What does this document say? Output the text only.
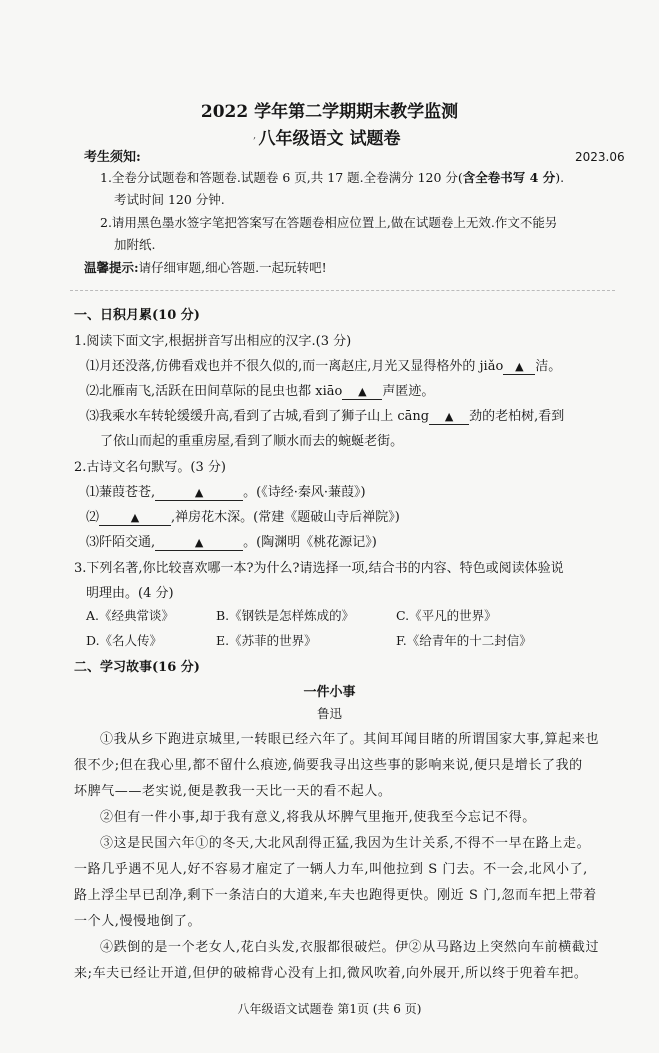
2022 学年第二学期期末教学监测
, 八年级语文 试题卷
2023.06
考生须知:
1.全卷分试题卷和答题卷.试题卷 6 页,共 17 题.全卷满分 120 分(含全卷书写 4 分).
考试时间 120 分钟.
2.请用黑色墨水签字笔把答案写在答题卷相应位置上,做在试题卷上无效.作文不能另
加附纸.
温馨提示:请仔细审题,细心答题.一起玩转吧!
一、日积月累(10 分)
1.阅读下面文字,根据拼音写出相应的汉字.(3 分)
⑴月还没落,仿佛看戏也并不很久似的,而一离赵庄,月光又显得格外的 jiǎo ▲ 洁。
⑵北雁南飞,活跃在田间草际的昆虫也都 xiāo ▲ 声匿迹。
⑶我乘水车转轮缓缓升高,看到了古城,看到了狮子山上 cāng ▲ 劲的老柏树,看到
了依山而起的重重房屋,看到了顺水而去的蜿蜒老街。
2.古诗文名句默写。(3 分)
⑴蒹葭苍苍,	▲	。(《诗经·秦风·蒹葭》)
⑵	▲ ,禅房花木深。(常建《题破山寺后禅院》)
⑶阡陌交通,	▲	。(陶渊明《桃花源记》)
3.下列名著,你比较喜欢哪一本?为什么?请选择一项,结合书的内容、特色或阅读体验说
明理由。(4 分)
A.《经典常谈》	B.《钢铁是怎样炼成的》	C.《平凡的世界》
D.《名人传》	E.《苏菲的世界》	F.《给青年的十二封信》
二、学习故事(16 分)
一件小事
鲁迅
①我从乡下跑进京城里,一转眼已经六年了。其间耳闻目睹的所谓国家大事,算起来也
很不少;但在我心里,都不留什么痕迹,倘要我寻出这些事的影响来说,便只是增长了我的
坏脾气——老实说,便是教我一天比一天的看不起人。
②但有一件小事,却于我有意义,将我从坏脾气里拖开,使我至今忘记不得。
③这是民国六年①的冬天,大北风刮得正猛,我因为生计关系,不得不一早在路上走。
一路几乎遇不见人,好不容易才雇定了一辆人力车,叫他拉到 S 门去。不一会,北风小了,
路上浮尘早已刮净,剩下一条洁白的大道来,车夫也跑得更快。刚近 S 门,忽而车把上带着
一个人,慢慢地倒了。
④跌倒的是一个老女人,花白头发,衣服都很破烂。伊②从马路边上突然向车前横截过
来;车夫已经让开道,但伊的破棉背心没有上扣,微风吹着,向外展开,所以终于兜着车把。
八年级语文试题卷 第1页 (共 6 页)
